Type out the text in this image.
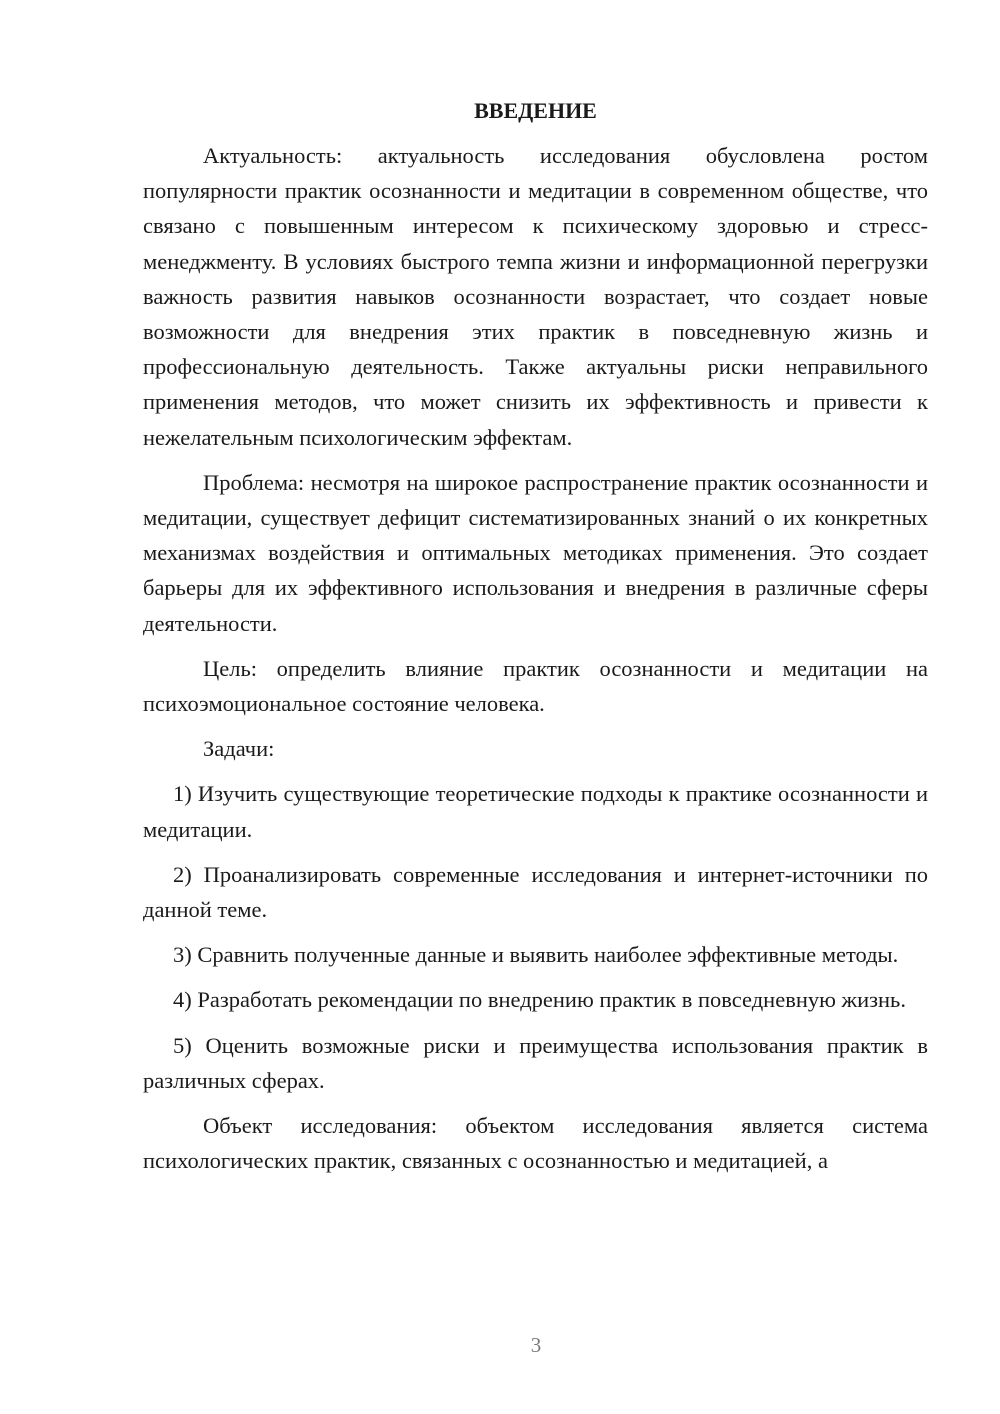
ВВЕДЕНИЕ

Актуальность: актуальность исследования обусловлена ростом популярности практик осознанности и медитации в современном обществе, что связано с повышенным интересом к психическому здоровью и стресс-менеджменту. В условиях быстрого темпа жизни и информационной перегрузки важность развития навыков осознанности возрастает, что создает новые возможности для внедрения этих практик в повседневную жизнь и профессиональную деятельность. Также актуальны риски неправильного применения методов, что может снизить их эффективность и привести к нежелательным психологическим эффектам.

Проблема: несмотря на широкое распространение практик осознанности и медитации, существует дефицит систематизированных знаний о их конкретных механизмах воздействия и оптимальных методиках применения. Это создает барьеры для их эффективного использования и внедрения в различные сферы деятельности.

Цель: определить влияние практик осознанности и медитации на психоэмоциональное состояние человека.

Задачи:

1) Изучить существующие теоретические подходы к практике осознанности и медитации.

2) Проанализировать современные исследования и интернет-источники по данной теме.

3) Сравнить полученные данные и выявить наиболее эффективные методы.

4) Разработать рекомендации по внедрению практик в повседневную жизнь.

5) Оценить возможные риски и преимущества использования практик в различных сферах.

Объект исследования: объектом исследования является система психологических практик, связанных с осознанностью и медитацией, а

3
